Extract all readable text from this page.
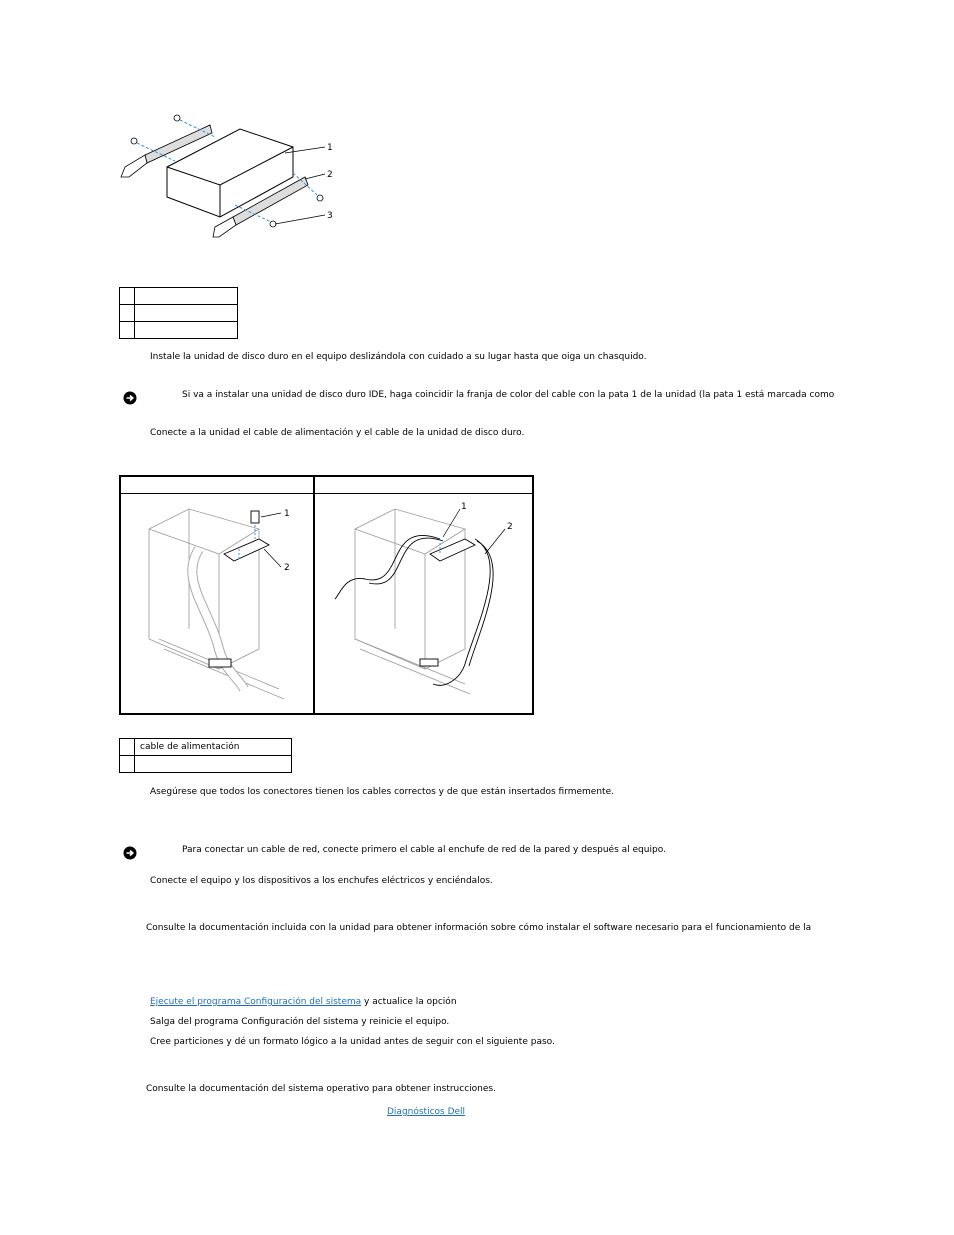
1
2
3

Instale la unidad de disco duro en el equipo deslizándola con cuidado a su lugar hasta que oiga un chasquido.
Si va a instalar una unidad de disco duro IDE, haga coincidir la franja de color del cable con la pata 1 de la unidad (la pata 1 está marcada como
Conecte a la unidad el cable de alimentación y el cable de la unidad de disco duro.
1
2
1
2
	cable de alimentación

Asegúrese que todos los conectores tienen los cables correctos y de que están insertados firmemente.
Para conectar un cable de red, conecte primero el cable al enchufe de red de la pared y después al equipo.
Conecte el equipo y los dispositivos a los enchufes eléctricos y enciéndalos.
Consulte la documentación incluida con la unidad para obtener información sobre cómo instalar el software necesario para el funcionamiento de la
Ejecute el programa Configuración del sistema y actualice la opción
Salga del programa Configuración del sistema y reinicie el equipo.
Cree particiones y dé un formato lógico a la unidad antes de seguir con el siguiente paso.
Consulte la documentación del sistema operativo para obtener instrucciones.
Diagnósticos Dell
